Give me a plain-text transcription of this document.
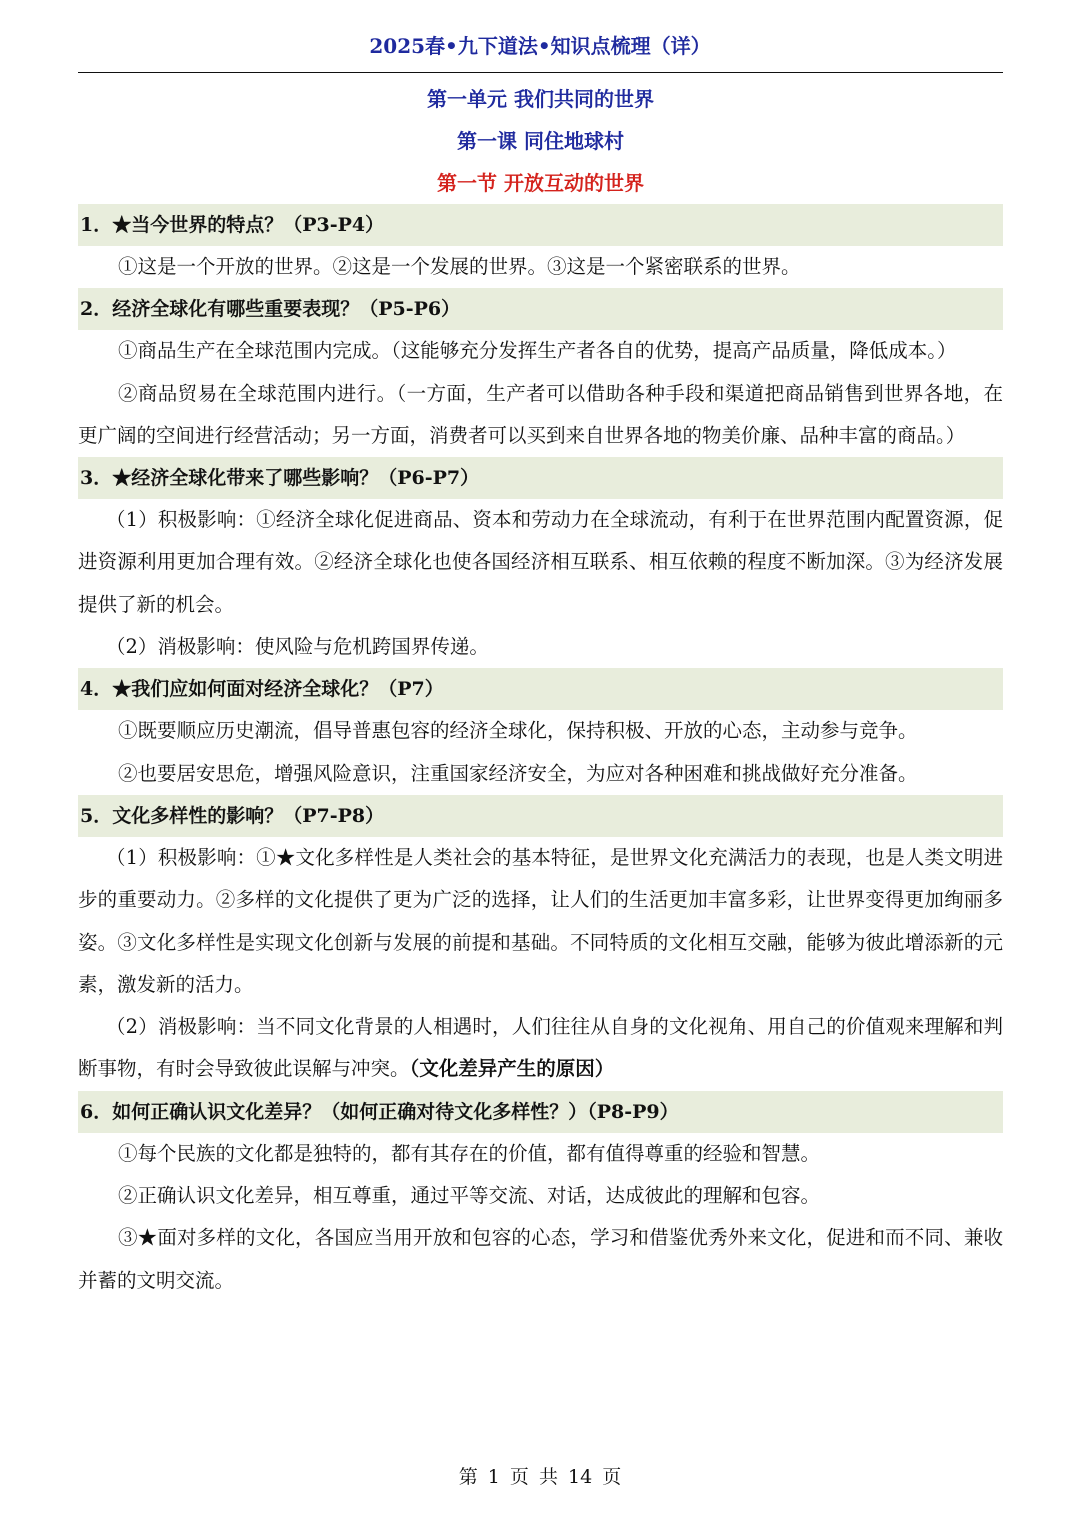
2025春•九下道法•知识点梳理（详）
第一单元 我们共同的世界
第一课 同住地球村
第一节 开放互动的世界
1．★当今世界的特点？（P3-P4）

①这是一个开放的世界。②这是一个发展的世界。③这是一个紧密联系的世界。

2．经济全球化有哪些重要表现？（P5-P6）

①商品生产在全球范围内完成。（这能够充分发挥生产者各自的优势，提高产品质量，降低成本。）

②商品贸易在全球范围内进行。（一方面，生产者可以借助各种手段和渠道把商品销售到世界各地，在更广阔的空间进行经营活动；另一方面，消费者可以买到来自世界各地的物美价廉、品种丰富的商品。）

3．★经济全球化带来了哪些影响？（P6-P7）

（1）积极影响：①经济全球化促进商品、资本和劳动力在全球流动，有利于在世界范围内配置资源，促进资源利用更加合理有效。②经济全球化也使各国经济相互联系、相互依赖的程度不断加深。③为经济发展提供了新的机会。

（2）消极影响：使风险与危机跨国界传递。

4．★我们应如何面对经济全球化？（P7）

①既要顺应历史潮流，倡导普惠包容的经济全球化，保持积极、开放的心态，主动参与竞争。

②也要居安思危，增强风险意识，注重国家经济安全，为应对各种困难和挑战做好充分准备。

5．文化多样性的影响？（P7-P8）

（1）积极影响：①★文化多样性是人类社会的基本特征，是世界文化充满活力的表现，也是人类文明进步的重要动力。②多样的文化提供了更为广泛的选择，让人们的生活更加丰富多彩，让世界变得更加绚丽多姿。③文化多样性是实现文化创新与发展的前提和基础。不同特质的文化相互交融，能够为彼此增添新的元素，激发新的活力。

（2）消极影响：当不同文化背景的人相遇时，人们往往从自身的文化视角、用自己的价值观来理解和判断事物，有时会导致彼此误解与冲突。（文化差异产生的原因）

6．如何正确认识文化差异？（如何正确对待文化多样性？）（P8-P9）

①每个民族的文化都是独特的，都有其存在的价值，都有值得尊重的经验和智慧。

②正确认识文化差异，相互尊重，通过平等交流、对话，达成彼此的理解和包容。

③★面对多样的文化，各国应当用开放和包容的心态，学习和借鉴优秀外来文化，促进和而不同、兼收并蓄的文明交流。

第 1 页 共 14 页
